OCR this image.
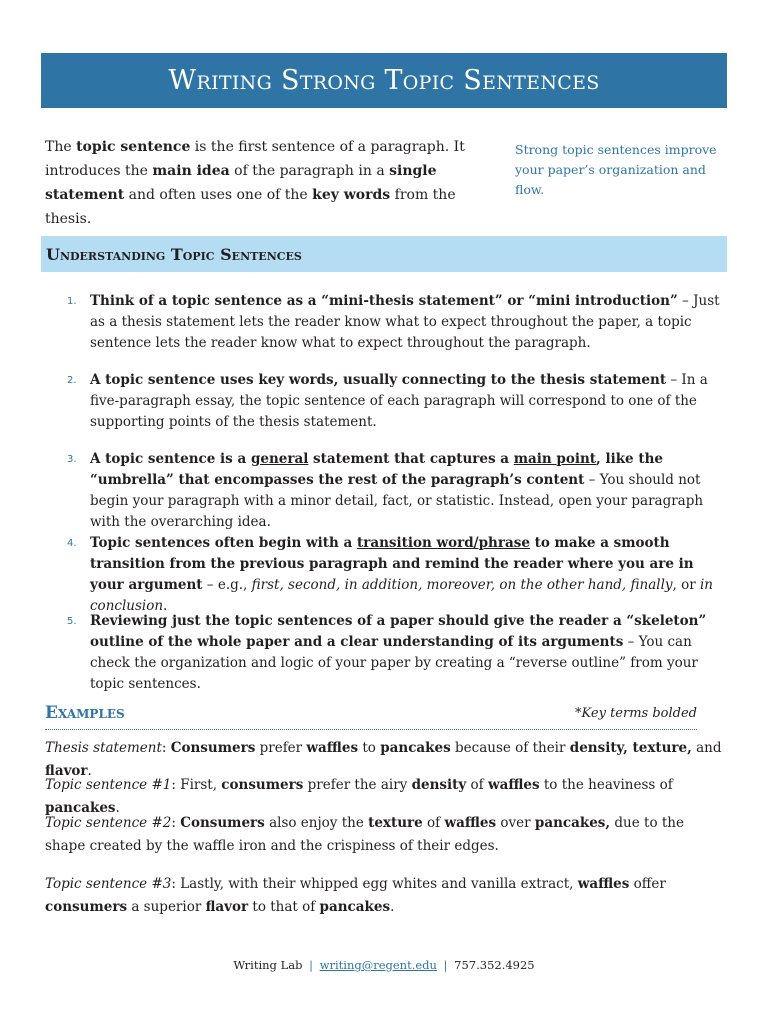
Writing Strong Topic Sentences
The topic sentence is the first sentence of a paragraph. It introduces the main idea of the paragraph in a single statement and often uses one of the key words from the thesis.
Strong topic sentences improve your paper’s organization and flow.
Understanding Topic Sentences
1. Think of a topic sentence as a “mini-thesis statement” or “mini introduction” – Just as a thesis statement lets the reader know what to expect throughout the paper, a topic sentence lets the reader know what to expect throughout the paragraph.
2. A topic sentence uses key words, usually connecting to the thesis statement – In a five-paragraph essay, the topic sentence of each paragraph will correspond to one of the supporting points of the thesis statement.
3. A topic sentence is a general statement that captures a main point, like the “umbrella” that encompasses the rest of the paragraph’s content – You should not begin your paragraph with a minor detail, fact, or statistic. Instead, open your paragraph with the overarching idea.
4. Topic sentences often begin with a transition word/phrase to make a smooth transition from the previous paragraph and remind the reader where you are in your argument – e.g., first, second, in addition, moreover, on the other hand, finally, or in conclusion.
5. Reviewing just the topic sentences of a paper should give the reader a “skeleton” outline of the whole paper and a clear understanding of its arguments – You can check the organization and logic of your paper by creating a “reverse outline” from your topic sentences.
Examples	*Key terms bolded
Thesis statement: Consumers prefer waffles to pancakes because of their density, texture, and flavor.
Topic sentence #1: First, consumers prefer the airy density of waffles to the heaviness of pancakes.
Topic sentence #2: Consumers also enjoy the texture of waffles over pancakes, due to the shape created by the waffle iron and the crispiness of their edges.
Topic sentence #3: Lastly, with their whipped egg whites and vanilla extract, waffles offer consumers a superior flavor to that of pancakes.
Writing Lab | writing@regent.edu | 757.352.4925
